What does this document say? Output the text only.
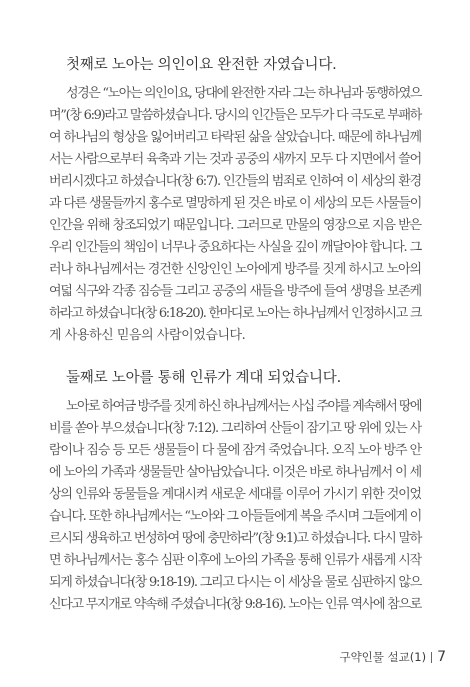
첫째로 노아는 의인이요 완전한 자였습니다.
성경은 “노아는 의인이요, 당대에 완전한 자라 그는 하나님과 동행하였으
며”(창 6:9)라고 말씀하셨습니다. 당시의 인간들은 모두가 다 극도로 부패하
여 하나님의 형상을 잃어버리고 타락된 삶을 살았습니다. 때문에 하나님께
서는 사람으로부터 육축과 기는 것과 공중의 새까지 모두 다 지면에서 쓸어
버리시겠다고 하셨습니다(창 6:7). 인간들의 범죄로 인하여 이 세상의 환경
과 다른 생물들까지 홍수로 멸망하게 된 것은 바로 이 세상의 모든 사물들이
인간을 위해 창조되었기 때문입니다. 그러므로 만물의 영장으로 지음 받은
우리 인간들의 책임이 너무나 중요하다는 사실을 깊이 깨달아야 합니다. 그
러나 하나님께서는 경건한 신앙인인 노아에게 방주를 짓게 하시고 노아의
여덟 식구와 각종 짐승들 그리고 공중의 새들을 방주에 들여 생명을 보존케
하라고 하셨습니다(창 6:18-20). 한마디로 노아는 하나님께서 인정하시고 크
게 사용하신 믿음의 사람이었습니다.
둘째로 노아를 통해 인류가 계대 되었습니다.
노아로 하여금 방주를 짓게 하신 하나님께서는 사십 주야를 계속해서 땅에
비를 쏟아 부으셨습니다(창 7:12). 그리하여 산들이 잠기고 땅 위에 있는 사
람이나 짐승 등 모든 생물들이 다 물에 잠겨 죽었습니다. 오직 노아 방주 안
에 노아의 가족과 생물들만 살아남았습니다. 이것은 바로 하나님께서 이 세
상의 인류와 동물들을 계대시켜 새로운 세대를 이루어 가시기 위한 것이었
습니다. 또한 하나님께서는 “노아와 그 아들들에게 복을 주시며 그들에게 이
르시되 생육하고 번성하여 땅에 충만하라”(창 9:1)고 하셨습니다. 다시 말하
면 하나님께서는 홍수 심판 이후에 노아의 가족을 통해 인류가 새롭게 시작
되게 하셨습니다(창 9:18-19). 그리고 다시는 이 세상을 물로 심판하지 않으
신다고 무지개로 약속해 주셨습니다(창 9:8-16). 노아는 인류 역사에 참으로
구약인물 설교(1) 7
